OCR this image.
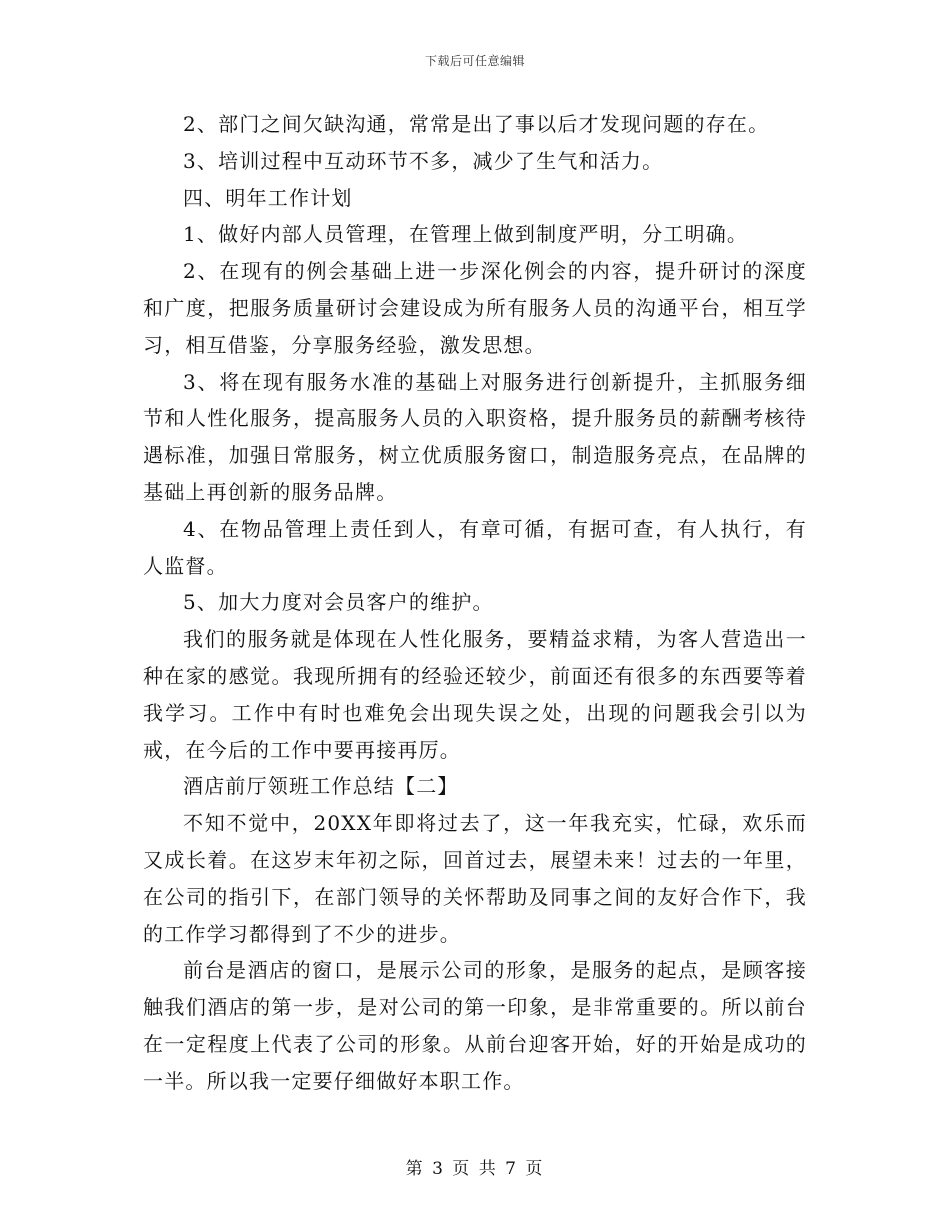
下载后可任意编辑

2、部门之间欠缺沟通，常常是出了事以后才发现问题的存在。

3、培训过程中互动环节不多，减少了生气和活力。

四、明年工作计划

1、做好内部人员管理，在管理上做到制度严明，分工明确。

2、在现有的例会基础上进一步深化例会的内容，提升研讨的深度和广度，把服务质量研讨会建设成为所有服务人员的沟通平台，相互学习，相互借鉴，分享服务经验，激发思想。

3、将在现有服务水准的基础上对服务进行创新提升，主抓服务细节和人性化服务，提高服务人员的入职资格，提升服务员的薪酬考核待遇标准，加强日常服务，树立优质服务窗口，制造服务亮点，在品牌的基础上再创新的服务品牌。

4、在物品管理上责任到人，有章可循，有据可查，有人执行，有人监督。

5、加大力度对会员客户的维护。

我们的服务就是体现在人性化服务，要精益求精，为客人营造出一种在家的感觉。我现所拥有的经验还较少，前面还有很多的东西要等着我学习。工作中有时也难免会出现失误之处，出现的问题我会引以为戒，在今后的工作中要再接再厉。

酒店前厅领班工作总结【二】

不知不觉中，20XX年即将过去了，这一年我充实，忙碌，欢乐而又成长着。在这岁末年初之际，回首过去，展望未来！过去的一年里，在公司的指引下，在部门领导的关怀帮助及同事之间的友好合作下，我的工作学习都得到了不少的进步。

前台是酒店的窗口，是展示公司的形象，是服务的起点，是顾客接触我们酒店的第一步，是对公司的第一印象，是非常重要的。所以前台在一定程度上代表了公司的形象。从前台迎客开始，好的开始是成功的一半。所以我一定要仔细做好本职工作。

第 3 页 共 7 页
